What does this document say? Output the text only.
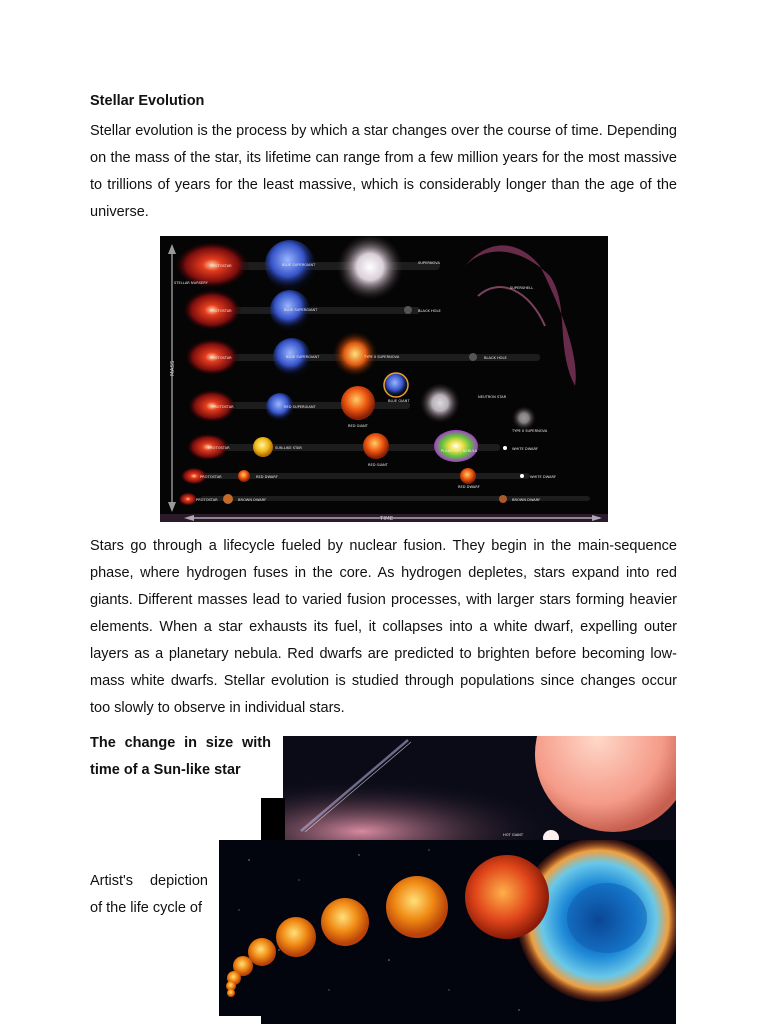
Stellar Evolution

Stellar evolution is the process by which a star changes over the course of time. Depending on the mass of the star, its lifetime can range from a few million years for the most massive to trillions of years for the least massive, which is considerably longer than the age of the universe.

MASS
TIME
PROTOSTAR
STELLAR NURSERY
BLUE SUPERGIANT	SUPERNOVA
SUPERSHELL
PROTOSTAR	BLUE SUPERGIANT	BLACK HOLE
PROTOSTAR	BLUE SUPERGIANT	TYPE II SUPERNOVA	BLACK HOLE
PROTOSTAR	RED SUPERGIANT
RED GIANT
BLUE GIANT
NEUTRON STAR
TYPE II SUPERNOVA
PROTOSTAR	SUN-LIKE STAR
RED GIANT
PLANETARY NEBULA	WHITE DWARF
PROTOSTAR	RED DWARF
RED DWARF
WHITE DWARF
PROTOSTAR	BROWN DWARF	BROWN DWARF

Stars go through a lifecycle fueled by nuclear fusion. They begin in the main-sequence phase, where hydrogen fuses in the core. As hydrogen depletes, stars expand into red giants. Different masses lead to varied fusion processes, with larger stars forming heavier elements. When a star exhausts its fuel, it collapses into a white dwarf, expelling outer layers as a planetary nebula. Red dwarfs are predicted to brighten before becoming low-mass white dwarfs. Stellar evolution is studied through populations since changes occur too slowly to observe in individual stars.

The change in size with time of a Sun-like star

HOT GIANT

Artist's depiction of the life cycle of
